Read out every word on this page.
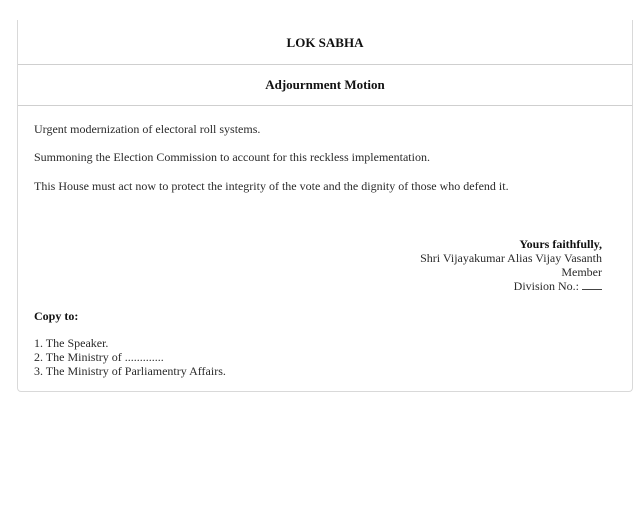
LOK SABHA
Adjournment Motion

Urgent modernization of electoral roll systems.

Summoning the Election Commission to account for this reckless implementation.

This House must act now to protect the integrity of the vote and the dignity of those who defend it.

Yours faithfully,
Shri Vijayakumar Alias Vijay Vasanth
Member
Division No.:
Copy to:
1. The Speaker.
2. The Ministry of .............
3. The Ministry of Parliamentry Affairs.
